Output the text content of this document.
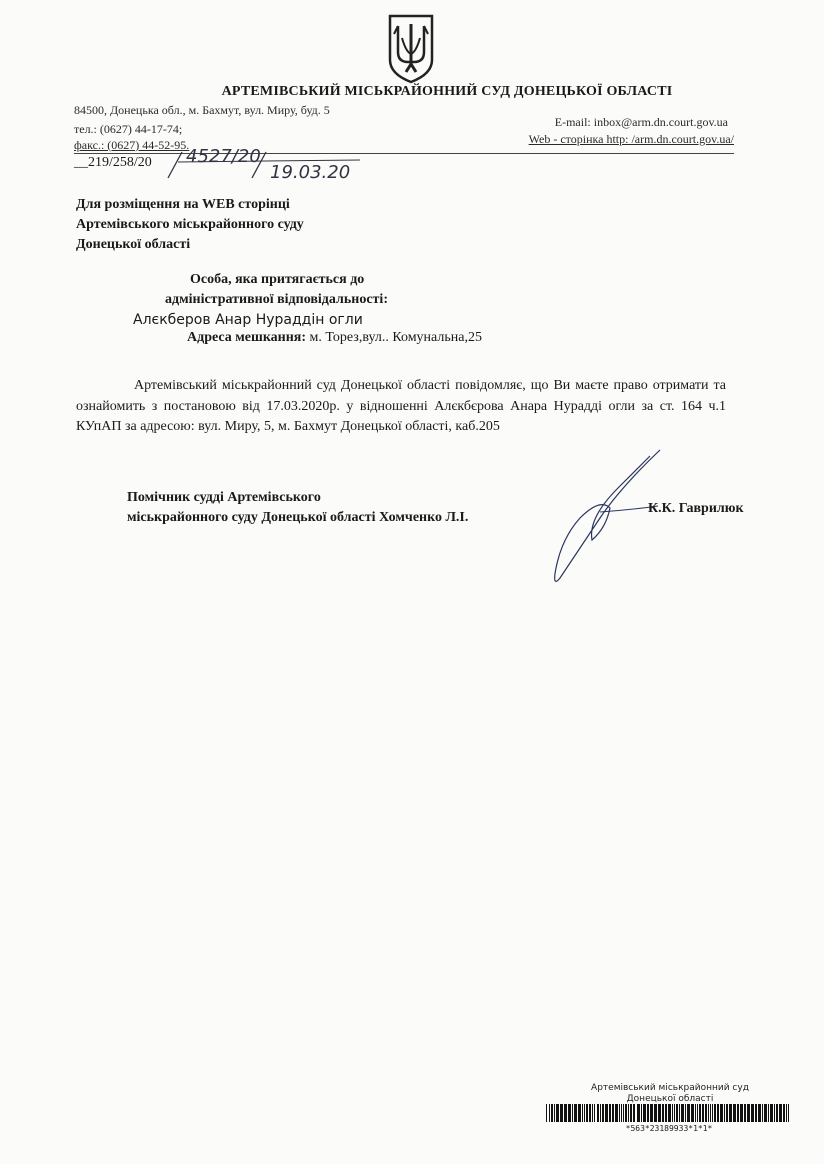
АРТЕМІВСЬКИЙ МІСЬКРАЙОННИЙ СУД ДОНЕЦЬКОЇ ОБЛАСТІ
84500, Донецька обл., м. Бахмут, вул. Миру, буд. 5
тел.: (0627) 44-17-74;
факс.: (0627) 44-52-95.
E-mail: inbox@arm.dn.court.gov.ua
Web - сторінка http: /arm.dn.court.gov.ua/
__219/258/20 4527/20
19.03.20
Для розміщення на WEB сторінці
Артемівського міськрайонного суду
Донецької області
Особа, яка притягається до
адміністративної відповідальності:
Алєкберов Анар Нураддін огли
Адреса мешкання: м. Торез,вул.. Комунальна,25

Артемівський міськрайонний суд Донецької області повідомляє, що Ви маєте право отримати та ознайомить з постановою від 17.03.2020р. у відношенні Алєкбєрова Анара Нураддi огли за ст. 164 ч.1 КУпАП за адресою: вул. Миру, 5, м. Бахмут Донецької області, каб.205

Помічник судді Артемівського
міськрайонного суду Донецької області Хомченко Л.І.
К.К. Гаврилюк
Артемівський міськрайонний суд
Донецької області
*563*23189933*1*1*
